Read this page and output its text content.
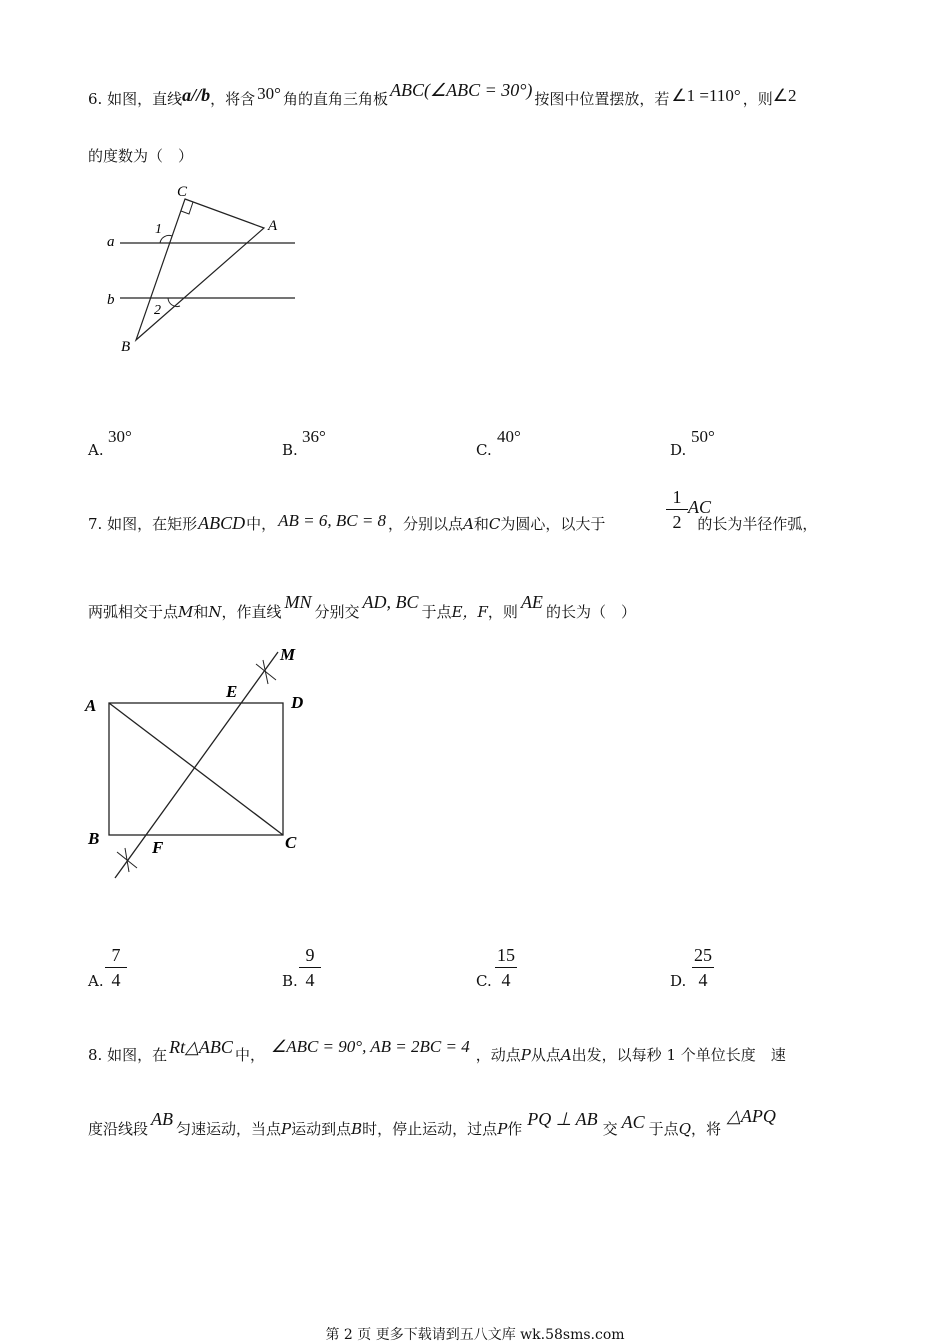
6. 如图，直线a//b，将含 30° 角的直角三角板 ABC(∠ABC = 30°) 按图中位置摆放，若 ∠1 =110° ，则∠2
的度数为（　）
C
A
B
a
b
1
2
A.
30°
B.
36°
C.
40°
D.
50°
7. 如图，在矩形ABCD中， AB = 6, BC = 8 ，分别以点A和C为圆心，以大于	的长为半径作弧，
1
2
AC
两弧相交于点M和N，作直线 MN 分别交 AD, BC 于点E，F，则 AE 的长为（　）
A
B	C
D
E
F
M
A.
7
4	B.
9
4	C.
15
4	D.
25
4
8. 如图，在 Rt△ABC 中， ∠ABC = 90°, AB = 2BC = 4 ，动点P从点A出发，以每秒 1 个单位长度　速
度沿线段 AB 匀速运动，当点P运动到点B时，停止运动，过点P作 PQ ⊥ AB 交 AC 于点Q，将△APQ
第 2 页 更多下载请到五八文库 wk.58sms.com
